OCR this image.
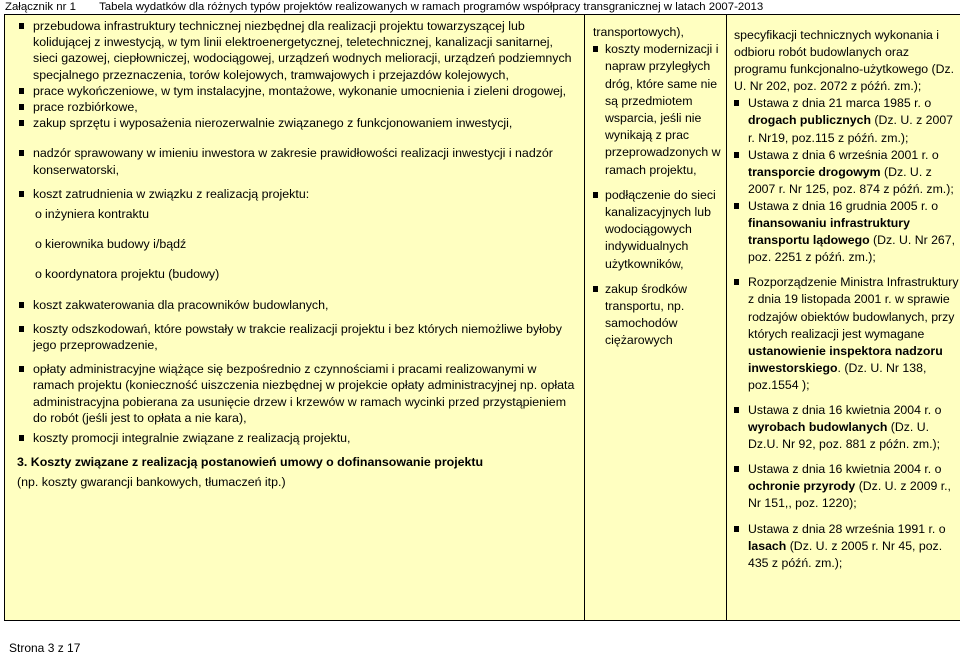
Załącznik nr 1 Tabela wydatków dla różnych typów projektów realizowanych w ramach programów współpracy transgranicznej w latach 2007-2013
przebudowa infrastruktury technicznej niezbędnej dla realizacji projektu towarzyszącej lub
kolidującej z inwestycją, w tym linii elektroenergetycznej, teletechnicznej, kanalizacji sanitarnej,
sieci gazowej, ciepłowniczej, wodociągowej, urządzeń wodnych melioracji, urządzeń podziemnych
specjalnego przeznaczenia, torów kolejowych, tramwajowych i przejazdów kolejowych,
prace wykończeniowe, w tym instalacyjne, montażowe, wykonanie umocnienia i zieleni drogowej,
prace rozbiórkowe,
zakup sprzętu i wyposażenia nierozerwalnie związanego z funkcjonowaniem inwestycji,
nadzór sprawowany w imieniu inwestora w zakresie prawidłowości realizacji inwestycji i nadzór konserwatorski,
koszt zatrudnienia w związku z realizacją projektu:
o inżyniera kontraktu
o kierownika budowy i/bądź
o koordynatora projektu (budowy)
koszt zakwaterowania dla pracowników budowlanych,
koszty odszkodowań, które powstały w trakcie realizacji projektu i bez których niemożliwe byłoby jego przeprowadzenie,
opłaty administracyjne wiążące się bezpośrednio z czynnościami i pracami realizowanymi w ramach projektu (konieczność uiszczenia niezbędnej w projekcie opłaty administracyjnej np. opłata administracyjna pobierana za usunięcie drzew i krzewów w ramach wycinki przed przystąpieniem do robót (jeśli jest to opłata a nie kara),
koszty promocji integralnie związane z realizacją projektu,
3. Koszty związane z realizacją postanowień umowy o dofinansowanie projektu
(np. koszty gwarancji bankowych, tłumaczeń itp.)

transportowych),
koszty modernizacji i napraw przyległych dróg, które same nie są przedmiotem wsparcia, jeśli nie wynikają z prac przeprowadzonych w ramach projektu,
podłączenie do sieci kanalizacyjnych lub wodociągowych indywidualnych użytkowników,
zakup środków transportu, np. samochodów ciężarowych

specyfikacji technicznych wykonania i odbioru robót budowlanych oraz programu funkcjonalno-użytkowego (Dz. U. Nr 202, poz. 2072 z późń. zm.);
Ustawa z dnia 21 marca 1985 r. o drogach publicznych (Dz. U. z 2007 r. Nr19, poz.115 z późń. zm.);
Ustawa z dnia 6 września 2001 r. o transporcie drogowym (Dz. U. z 2007 r. Nr 125, poz. 874 z późń. zm.);
Ustawa z dnia 16 grudnia 2005 r. o finansowaniu infrastruktury transportu lądowego (Dz. U. Nr 267, poz. 2251 z późń. zm.);
Rozporządzenie Ministra Infrastruktury z dnia 19 listopada 2001 r. w sprawie rodzajów obiektów budowlanych, przy których realizacji jest wymagane ustanowienie inspektora nadzoru inwestorskiego. (Dz. U. Nr 138, poz.1554 );
Ustawa z dnia 16 kwietnia 2004 r. o wyrobach budowlanych (Dz. U. Dz.U. Nr 92, poz. 881 z późn. zm.);
Ustawa z dnia 16 kwietnia 2004 r. o ochronie przyrody (Dz. U. z 2009 r., Nr 151,, poz. 1220);
Ustawa z dnia 28 września 1991 r. o lasach (Dz. U. z 2005 r. Nr 45, poz. 435 z późń. zm.);
Strona 3 z 17
